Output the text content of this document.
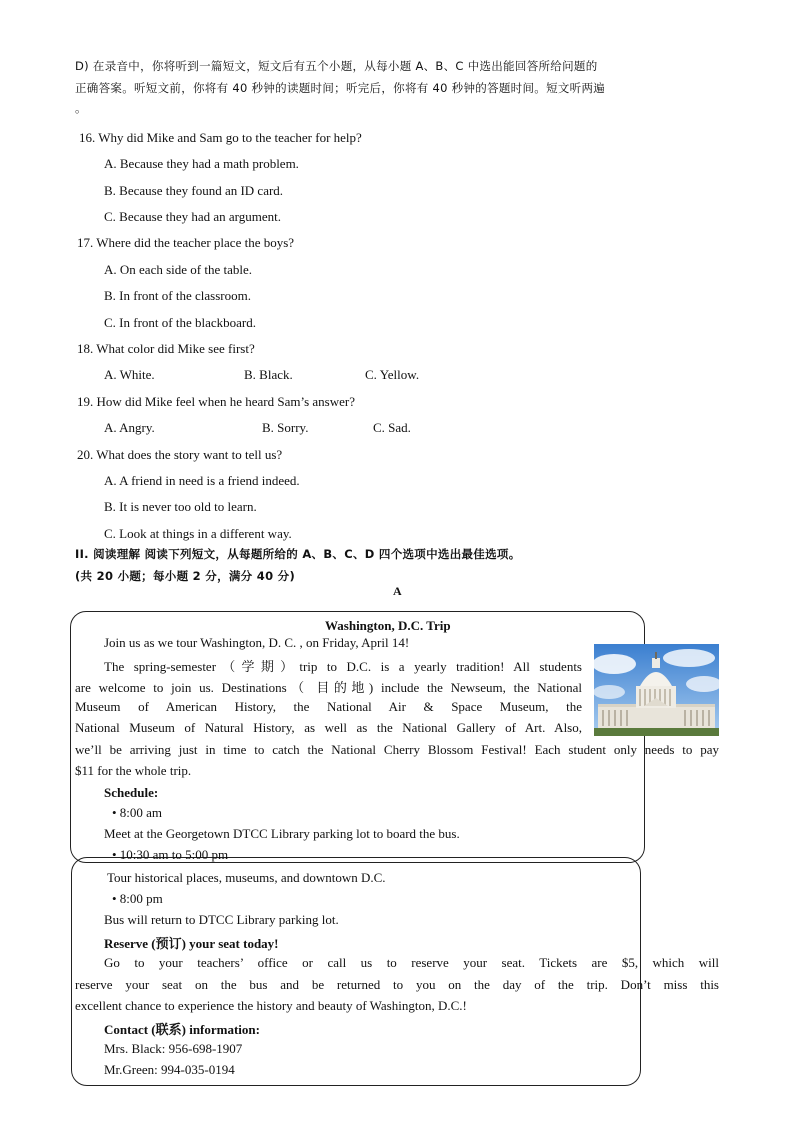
D) 在录音中，你将听到一篇短文，短文后有五个小题，从每小题 A、B、C 中选出能回答所给问题的
正确答案。听短文前，你将有 40 秒钟的读题时间；听完后，你将有 40 秒钟的答题时间。短文听两遍
。
16. Why did Mike and Sam go to the teacher for help?
A. Because they had a math problem.
B. Because they found an ID card.
C. Because they had an argument.
17. Where did the teacher place the boys?
A. On each side of the table.
B. In front of the classroom.
C. In front of the blackboard.
18. What color did Mike see first?
A. White.	B. Black.	C. Yellow.
19. How did Mike feel when he heard Sam’s answer?
A. Angry.	B. Sorry.	C. Sad.
20. What does the story want to tell us?
A. A friend in need is a friend indeed.
B. It is never too old to learn.
C. Look at things in a different way.
II. 阅读理解 阅读下列短文，从每题所给的 A、B、C、D 四个选项中选出最佳选项。
(共 20 小题；每小题 2 分，满分 40 分)
A
Washington, D.C. Trip
Join us as we tour Washington, D. C. , on Friday, April 14!
The spring-semester（学期）trip to D.C. is a yearly tradition! All students
are welcome to join us. Destinations（ 目的地) include the Newseum, the National
Museum of American History, the National Air & Space Museum, the
National Museum of Natural History, as well as the National Gallery of Art. Also,
we’ll be arriving just in time to catch the National Cherry Blossom Festival! Each student only needs to pay
$11 for the whole trip.
Schedule:
• 8:00 am
Meet at the Georgetown DTCC Library parking lot to board the bus.
• 10:30 am to 5:00 pm
Tour historical places, museums, and downtown D.C.
• 8:00 pm
Bus will return to DTCC Library parking lot.
Reserve (预订) your seat today!
Go to your teachers’ office or call us to reserve your seat. Tickets are $5, which will
reserve your seat on the bus and be returned to you on the day of the trip. Don’t miss this
excellent chance to experience the history and beauty of Washington, D.C.!
Contact (联系) information:
Mrs. Black: 956-698-1907
Mr.Green: 994-035-0194
